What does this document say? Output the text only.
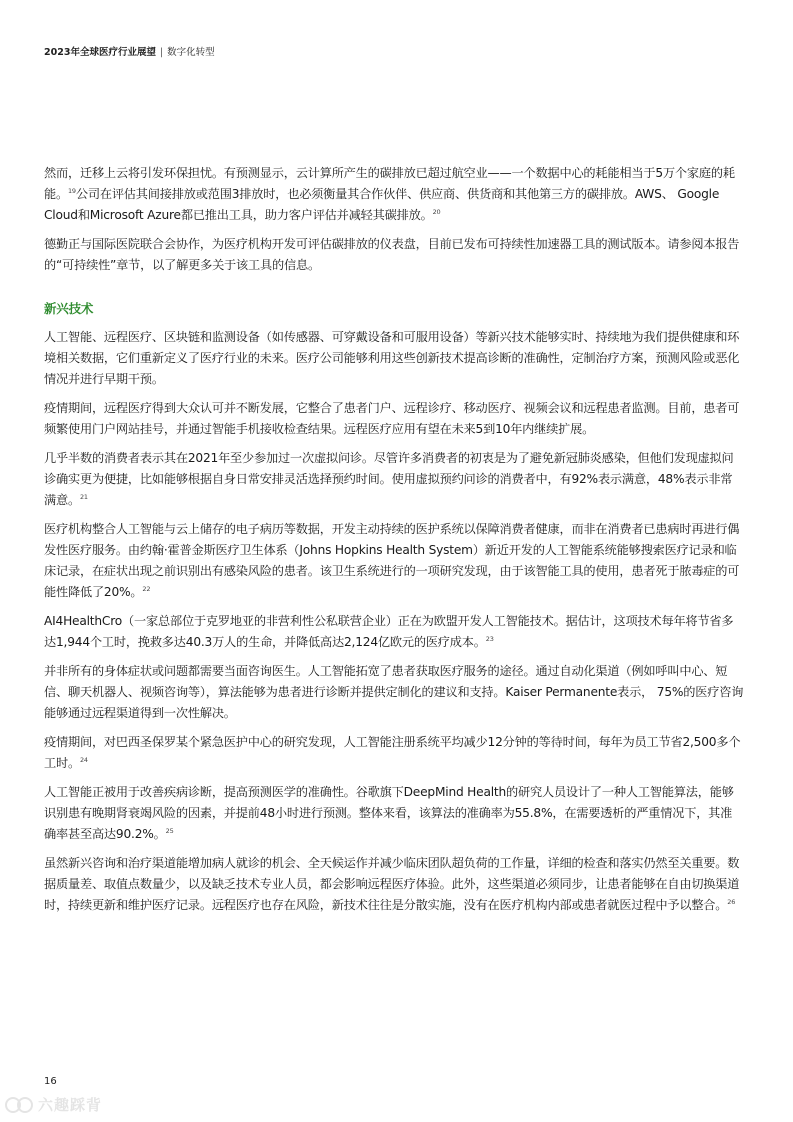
2023年全球医疗行业展望 | 数字化转型

然而，迁移上云将引发环保担忧。有预测显示，云计算所产生的碳排放已超过航空业——一个数据中心的耗能相当于5万个家庭的耗能。$^{19}$公司在评估其间接排放或范围3排放时，也必须衡量其合作伙伴、供应商、供货商和其他第三方的碳排放。AWS、 Google Cloud和Microsoft Azure都已推出工具，助力客户评估并减轻其碳排放。$^{20}$

德勤正与国际医院联合会协作，为医疗机构开发可评估碳排放的仪表盘，目前已发布可持续性加速器工具的测试版本。请参阅本报告的“可持续性”章节，以了解更多关于该工具的信息。

新兴技术

人工智能、远程医疗、区块链和监测设备（如传感器、可穿戴设备和可服用设备）等新兴技术能够实时、持续地为我们提供健康和环境相关数据，它们重新定义了医疗行业的未来。医疗公司能够利用这些创新技术提高诊断的准确性，定制治疗方案，预测风险或恶化情况并进行早期干预。

疫情期间，远程医疗得到大众认可并不断发展，它整合了患者门户、远程诊疗、移动医疗、视频会议和远程患者监测。目前，患者可频繁使用门户网站挂号，并通过智能手机接收检查结果。远程医疗应用有望在未来5到10年内继续扩展。

几乎半数的消费者表示其在2021年至少参加过一次虚拟问诊。尽管许多消费者的初衷是为了避免新冠肺炎感染，但他们发现虚拟问诊确实更为便捷，比如能够根据自身日常安排灵活选择预约时间。使用虚拟预约问诊的消费者中，有92%表示满意，48%表示非常满意。$^{21}$

医疗机构整合人工智能与云上储存的电子病历等数据，开发主动持续的医护系统以保障消费者健康，而非在消费者已患病时再进行偶发性医疗服务。由约翰·霍普金斯医疗卫生体系（Johns Hopkins Health System）新近开发的人工智能系统能够搜索医疗记录和临床记录，在症状出现之前识别出有感染风险的患者。该卫生系统进行的一项研究发现，由于该智能工具的使用，患者死于脓毒症的可能性降低了20%。$^{22}$

AI4HealthCro（一家总部位于克罗地亚的非营利性公私联营企业）正在为欧盟开发人工智能技术。据估计，这项技术每年将节省多达1,944个工时，挽救多达40.3万人的生命，并降低高达2,124亿欧元的医疗成本。$^{23}$

并非所有的身体症状或问题都需要当面咨询医生。人工智能拓宽了患者获取医疗服务的途径。通过自动化渠道（例如呼叫中心、短信、聊天机器人、视频咨询等），算法能够为患者进行诊断并提供定制化的建议和支持。Kaiser Permanente表示， 75%的医疗咨询能够通过远程渠道得到一次性解决。

疫情期间，对巴西圣保罗某个紧急医护中心的研究发现，人工智能注册系统平均减少12分钟的等待时间，每年为员工节省2,500多个工时。$^{24}$

人工智能正被用于改善疾病诊断，提高预测医学的准确性。谷歌旗下DeepMind Health的研究人员设计了一种人工智能算法，能够识别患有晚期肾衰竭风险的因素，并提前48小时进行预测。整体来看，该算法的准确率为55.8%，在需要透析的严重情况下，其准确率甚至高达90.2%。$^{25}$

虽然新兴咨询和治疗渠道能增加病人就诊的机会、全天候运作并减少临床团队超负荷的工作量，详细的检查和落实仍然至关重要。数据质量差、取值点数量少，以及缺乏技术专业人员，都会影响远程医疗体验。此外，这些渠道必须同步，让患者能够在自由切换渠道时，持续更新和维护医疗记录。远程医疗也存在风险，新技术往往是分散实施，没有在医疗机构内部或患者就医过程中予以整合。$^{26}$

16
六趣踩背
